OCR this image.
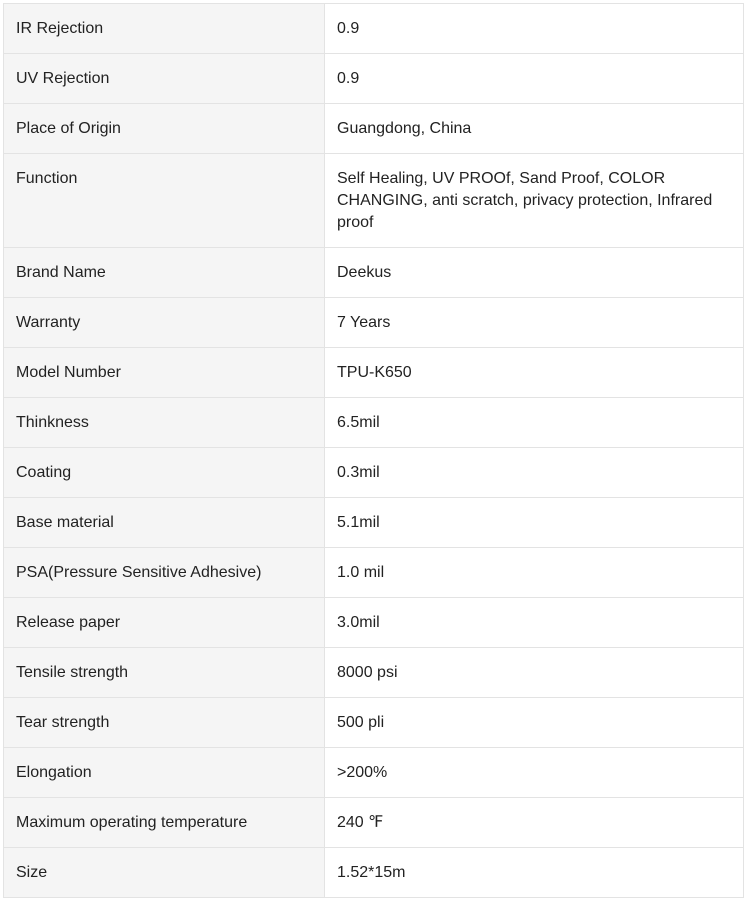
IR Rejection	0.9
UV Rejection	0.9
Place of Origin	Guangdong, China
Function	Self Healing, UV PROOf, Sand Proof, COLOR CHANGING, anti scratch, privacy protection, Infrared proof
Brand Name	Deekus
Warranty	7 Years
Model Number	TPU-K650
Thinkness	6.5mil
Coating	0.3mil
Base material	5.1mil
PSA(Pressure Sensitive Adhesive)	1.0 mil
Release paper	3.0mil
Tensile strength	8000 psi
Tear strength	500 pli
Elongation	>200%
Maximum operating temperature	240 ℉
Size	1.52*15m
